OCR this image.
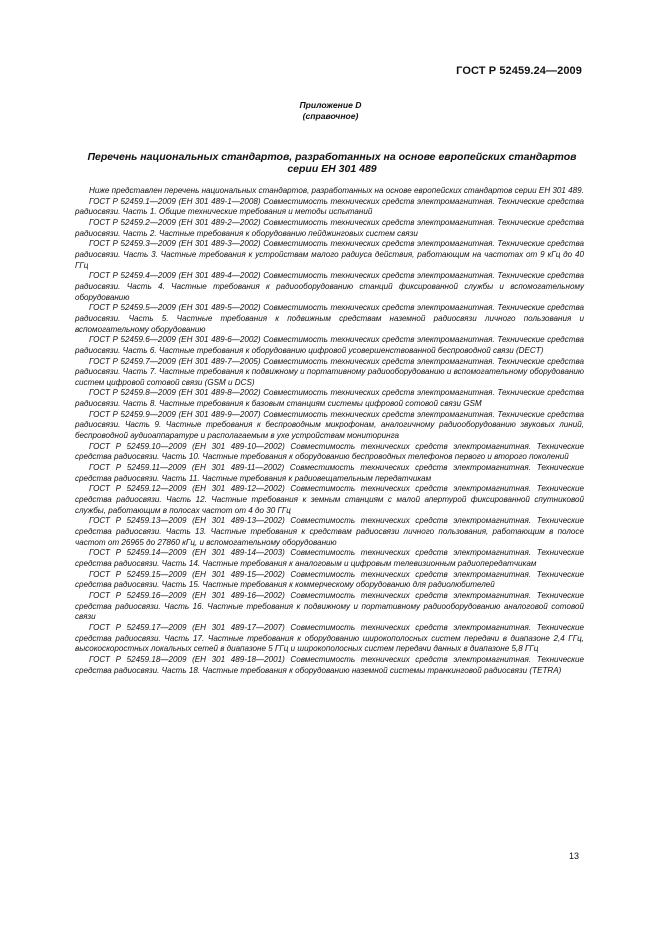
ГОСТ Р 52459.24—2009
Приложение D
(справочное)
Перечень национальных стандартов, разработанных на основе европейских стандартов
серии ЕН 301 489

Ниже представлен перечень национальных стандартов, разработанных на основе европейских стандартов серии ЕН 301 489.

ГОСТ Р 52459.1—2009 (ЕН 301 489-1—2008) Совместимость технических средств электромагнитная. Технические средства радиосвязи. Часть 1. Общие технические требования и методы испытаний

ГОСТ Р 52459.2—2009 (ЕН 301 489-2—2002) Совместимость технических средств электромагнитная. Технические средства радиосвязи. Часть 2. Частные требования к оборудованию пейджинговых систем связи

ГОСТ Р 52459.3—2009 (ЕН 301 489-3—2002) Совместимость технических средств электромагнитная. Технические средства радиосвязи. Часть 3. Частные требования к устройствам малого радиуса действия, работающим на частотах от 9 кГц до 40 ГГц

ГОСТ Р 52459.4—2009 (ЕН 301 489-4—2002) Совместимость технических средств электромагнитная. Технические средства радиосвязи. Часть 4. Частные требования к радиооборудованию станций фиксированной службы и вспомогательному оборудованию

ГОСТ Р 52459.5—2009 (ЕН 301 489-5—2002) Совместимость технических средств электромагнитная. Технические средства радиосвязи. Часть 5. Частные требования к подвижным средствам наземной радиосвязи личного пользования и вспомогательному оборудованию

ГОСТ Р 52459.6—2009 (ЕН 301 489-6—2002) Совместимость технических средств электромагнитная. Технические средства радиосвязи. Часть 6. Частные требования к оборудованию цифровой усовершенствованной беспроводной связи (DECT)

ГОСТ Р 52459.7—2009 (ЕН 301 489-7—2005) Совместимость технических средств электромагнитная. Технические средства радиосвязи. Часть 7. Частные требования к подвижному и портативному радиооборудованию и вспомогательному оборудованию систем цифровой сотовой связи (GSM и DCS)

ГОСТ Р 52459.8—2009 (ЕН 301 489-8—2002) Совместимость технических средств электромагнитная. Технические средства радиосвязи. Часть 8. Частные требования к базовым станциям системы цифровой сотовой связи GSM

ГОСТ Р 52459.9—2009 (ЕН 301 489-9—2007) Совместимость технических средств электромагнитная. Технические средства радиосвязи. Часть 9. Частные требования к беспроводным микрофонам, аналогичному радиооборудованию звуковых линий, беспроводной аудиоаппаратуре и располагаемым в ухе устройствам мониторинга

ГОСТ Р 52459.10—2009 (ЕН 301 489-10—2002) Совместимость технических средств электромагнитная. Технические средства радиосвязи. Часть 10. Частные требования к оборудованию беспроводных телефонов первого и второго поколений

ГОСТ Р 52459.11—2009 (ЕН 301 489-11—2002) Совместимость технических средств электромагнитная. Технические средства радиосвязи. Часть 11. Частные требования к радиовещательным передатчикам

ГОСТ Р 52459.12—2009 (ЕН 301 489-12—2002) Совместимость технических средств электромагнитная. Технические средства радиосвязи. Часть 12. Частные требования к земным станциям с малой апертурой фиксированной спутниковой службы, работающим в полосах частот от 4 до 30 ГГц

ГОСТ Р 52459.13—2009 (ЕН 301 489-13—2002) Совместимость технических средств электромагнитная. Технические средства радиосвязи. Часть 13. Частные требования к средствам радиосвязи личного пользования, работающим в полосе частот от 26965 до 27860 кГц, и вспомогательному оборудованию

ГОСТ Р 52459.14—2009 (ЕН 301 489-14—2003) Совместимость технических средств электромагнитная. Технические средства радиосвязи. Часть 14. Частные требования к аналоговым и цифровым телевизионным радиопередатчикам

ГОСТ Р 52459.15—2009 (ЕН 301 489-15—2002) Совместимость технических средств электромагнитная. Технические средства радиосвязи. Часть 15. Частные требования к коммерческому оборудованию для радиолюбителей

ГОСТ Р 52459.16—2009 (ЕН 301 489-16—2002) Совместимость технических средств электромагнитная. Технические средства радиосвязи. Часть 16. Частные требования к подвижному и портативному радиооборудованию аналоговой сотовой связи

ГОСТ Р 52459.17—2009 (ЕН 301 489-17—2007) Совместимость технических средств электромагнитная. Технические средства радиосвязи. Часть 17. Частные требования к оборудованию широкополосных систем передачи в диапазоне 2,4 ГГц, высокоскоростных локальных сетей в диапазоне 5 ГГц и широкополосных систем передачи данных в диапазоне 5,8 ГГц

ГОСТ Р 52459.18—2009 (ЕН 301 489-18—2001) Совместимость технических средств электромагнитная. Технические средства радиосвязи. Часть 18. Частные требования к оборудованию наземной системы транкинговой радиосвязи (TETRA)

13
